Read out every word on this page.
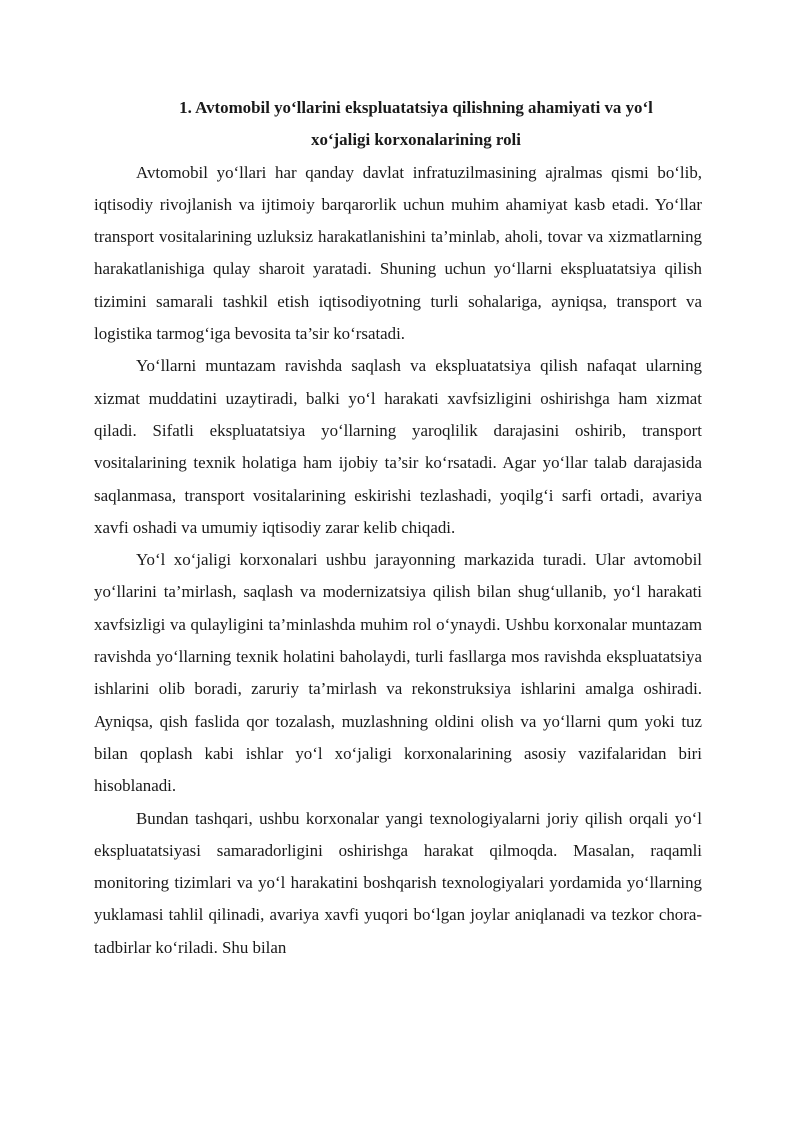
1. Avtomobil yo‘llarini ekspluatatsiya qilishning ahamiyati va yo‘l
xo‘jaligi korxonalarining roli

Avtomobil yo‘llari har qanday davlat infratuzilmasining ajralmas qismi bo‘lib, iqtisodiy rivojlanish va ijtimoiy barqarorlik uchun muhim ahamiyat kasb etadi. Yo‘llar transport vositalarining uzluksiz harakatlanishini ta’minlab, aholi, tovar va xizmatlarning harakatlanishiga qulay sharoit yaratadi. Shuning uchun yo‘llarni ekspluatatsiya qilish tizimini samarali tashkil etish iqtisodiyotning turli sohalariga, ayniqsa, transport va logistika tarmog‘iga bevosita ta’sir ko‘rsatadi.

Yo‘llarni muntazam ravishda saqlash va ekspluatatsiya qilish nafaqat ularning xizmat muddatini uzaytiradi, balki yo‘l harakati xavfsizligini oshirishga ham xizmat qiladi. Sifatli ekspluatatsiya yo‘llarning yaroqlilik darajasini oshirib, transport vositalarining texnik holatiga ham ijobiy ta’sir ko‘rsatadi. Agar yo‘llar talab darajasida saqlanmasa, transport vositalarining eskirishi tezlashadi, yoqilg‘i sarfi ortadi, avariya xavfi oshadi va umumiy iqtisodiy zarar kelib chiqadi.

Yo‘l xo‘jaligi korxonalari ushbu jarayonning markazida turadi. Ular avtomobil yo‘llarini ta’mirlash, saqlash va modernizatsiya qilish bilan shug‘ullanib, yo‘l harakati xavfsizligi va qulayligini ta’minlashda muhim rol o‘ynaydi. Ushbu korxonalar muntazam ravishda yo‘llarning texnik holatini baholaydi, turli fasllarga mos ravishda ekspluatatsiya ishlarini olib boradi, zaruriy ta’mirlash va rekonstruksiya ishlarini amalga oshiradi. Ayniqsa, qish faslida qor tozalash, muzlashning oldini olish va yo‘llarni qum yoki tuz bilan qoplash kabi ishlar yo‘l xo‘jaligi korxonalarining asosiy vazifalaridan biri hisoblanadi.

Bundan tashqari, ushbu korxonalar yangi texnologiyalarni joriy qilish orqali yo‘l ekspluatatsiyasi samaradorligini oshirishga harakat qilmoqda. Masalan, raqamli monitoring tizimlari va yo‘l harakatini boshqarish texnologiyalari yordamida yo‘llarning yuklamasi tahlil qilinadi, avariya xavfi yuqori bo‘lgan joylar aniqlanadi va tezkor chora-tadbirlar ko‘riladi. Shu bilan
